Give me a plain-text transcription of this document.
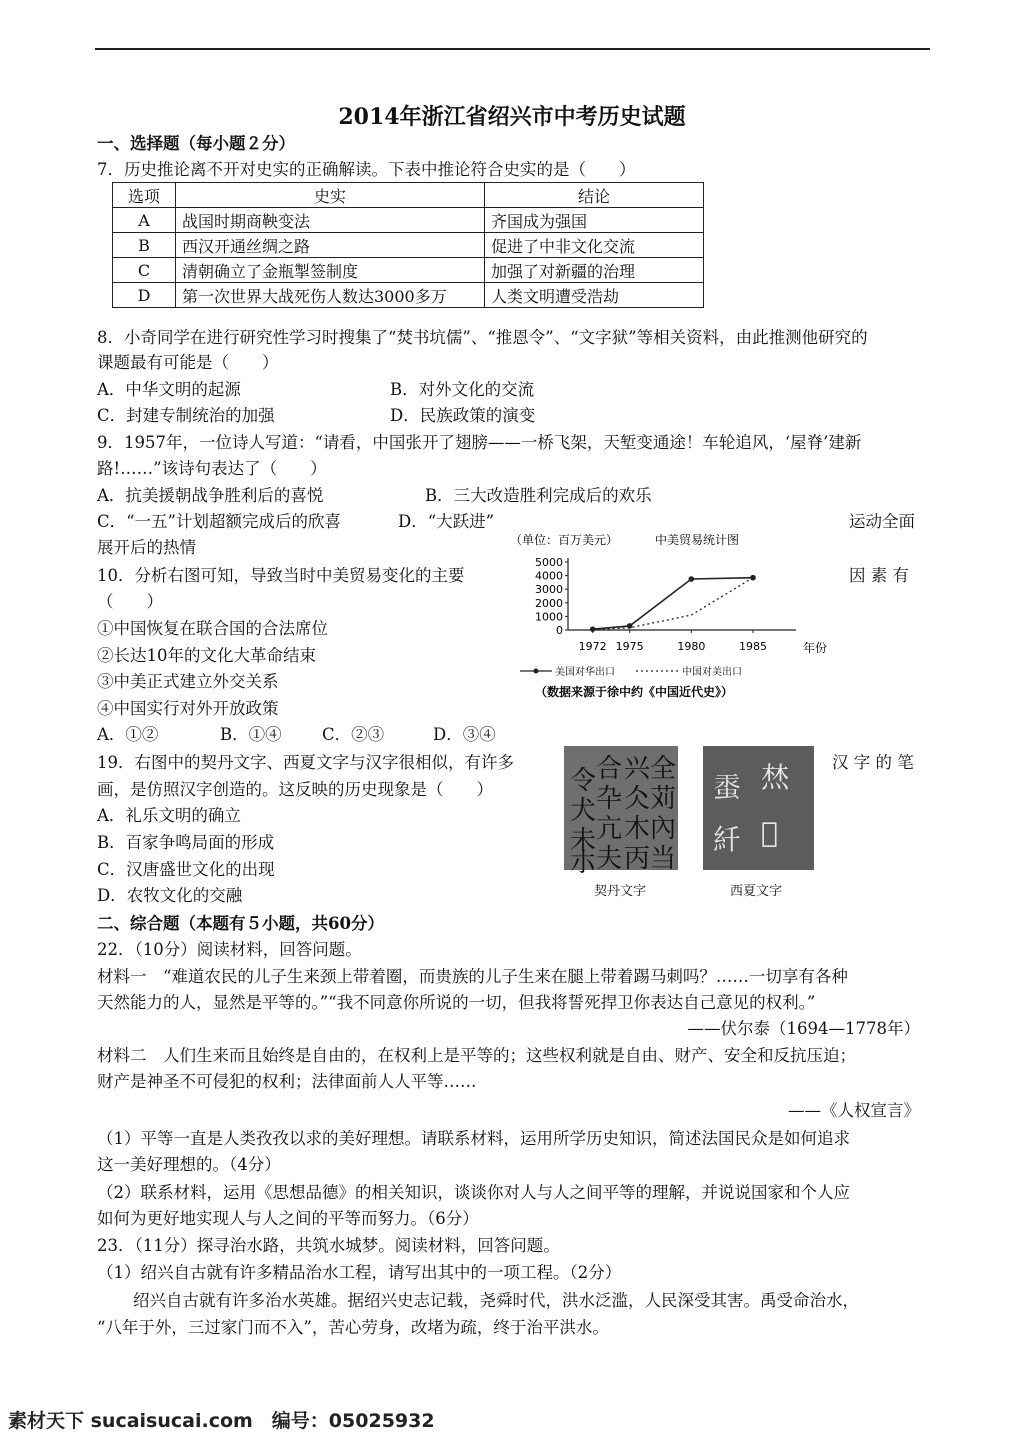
2014年浙江省绍兴市中考历史试题
一、选择题（每小题２分）
7．历史推论离不开对史实的正确解读。下表中推论符合史实的是（　　）
选项	史实	结论
A	战国时期商鞅变法	齐国成为强国
B	西汉开通丝绸之路	促进了中非文化交流
C	清朝确立了金瓶掣签制度	加强了对新疆的治理
D	第一次世界大战死伤人数达3000多万	人类文明遭受浩劫
8．小奇同学在进行研究性学习时搜集了“焚书坑儒”、“推恩令”、“文字狱”等相关资料，由此推测他研究的
课题最有可能是（　　）
A．中华文明的起源	B．对外文化的交流
C．封建专制统治的加强	D．民族政策的演变
9．1957年，一位诗人写道：“请看，中国张开了翅膀——一桥飞架，天堑变通途！车轮追风，‘屋脊’建新
路!……”该诗句表达了（　　）
A．抗美援朝战争胜利后的喜悦	B．三大改造胜利完成后的欢乐
C．“一五”计划超额完成后的欣喜	D．“大跃进”	运动全面
展开后的热情	（单位：百万美元）	中美贸易统计图
0
1000
2000
3000
4000
5000
1972 1975	1980	1985	年份
美国对华出口	中国对美出口
（数据来源于徐中约《中国近代史》）
10．分析右图可知，导致当时中美贸易变化的主要	因 素 有
（　　）
①中国恢复在联合国的合法席位
②长达10年的文化大革命结束
③中美正式建立外交关系
④中国实行对外开放政策
A．①②	B．①④ C．②③	D．③④
19．右图中的契丹文字、西夏文字与汉字很相似，有许多	汉 字 的 笔
画，是仿照汉字创造的。这反映的历史现象是（　　）
A．礼乐文明的确立
B．百家争鸣局面的形成
C．汉唐盛世文化的出现
D．农牧文化的交融
全
兴
合
令
苅
仌
卆
犬
內
木
亢
未
当
丙
夫
朩
契丹文字
㷊
𧋔
𥘏
䊹
西夏文字
二、综合题（本题有５小题，共60分）
22．（10分）阅读材料，回答问题。
材料一　“难道农民的儿子生来颈上带着圈，而贵族的儿子生来在腿上带着踢马刺吗？……一切享有各种
天然能力的人，显然是平等的。”“我不同意你所说的一切，但我将誓死捍卫你表达自己意见的权利。”
——伏尔泰（1694—1778年）
材料二　人们生来而且始终是自由的，在权利上是平等的；这些权利就是自由、财产、安全和反抗压迫；
财产是神圣不可侵犯的权利；法律面前人人平等……
——《人权宣言》
（1）平等一直是人类孜孜以求的美好理想。请联系材料，运用所学历史知识，简述法国民众是如何追求
这一美好理想的。（4分）
（2）联系材料，运用《思想品德》的相关知识，谈谈你对人与人之间平等的理解，并说说国家和个人应
如何为更好地实现人与人之间的平等而努力。（6分）
23．（11分）探寻治水路，共筑水城梦。阅读材料，回答问题。
（1）绍兴自古就有许多精品治水工程，请写出其中的一项工程。（2分）
绍兴自古就有许多治水英雄。据绍兴史志记载，尧舜时代，洪水泛滥，人民深受其害。禹受命治水，
“八年于外，三过家门而不入”，苦心劳身，改堵为疏，终于治平洪水。
素材天下 sucaisucai.com　编号：05025932
